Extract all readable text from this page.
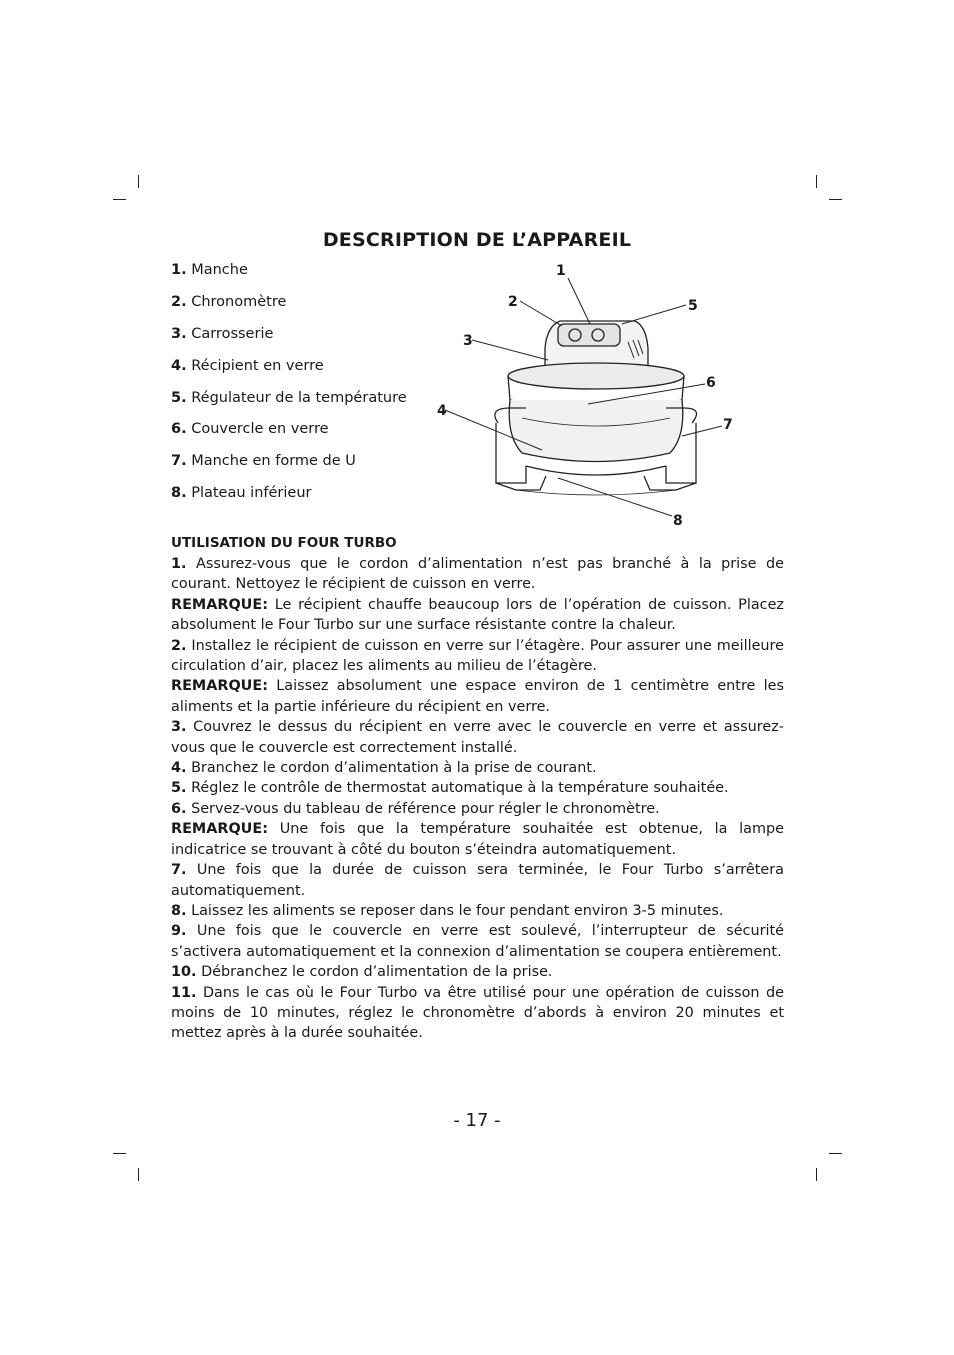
DESCRIPTION DE L’APPAREIL
1. Manche
2. Chronomètre
3. Carrosserie
4. Récipient en verre
5. Régulateur de la température
6. Couvercle en verre
7. Manche en forme de U
8. Plateau inférieur
1
2	5
3
6
4
7
8
UTILISATION DU FOUR TURBO

1. Assurez-vous que le cordon d’alimentation n’est pas branché à la prise de courant. Nettoyez le récipient de cuisson en verre.

REMARQUE: Le récipient chauffe beaucoup lors de l’opération de cuisson. Placez absolument le Four Turbo sur une surface résistante contre la chaleur.

2. Installez le récipient de cuisson en verre sur l’étagère. Pour assurer une meilleure circulation d’air, placez les aliments au milieu de l’étagère.

REMARQUE: Laissez absolument une espace environ de 1 centimètre entre les aliments et la partie inférieure du récipient en verre.

3. Couvrez le dessus du récipient en verre avec le couvercle en verre et assurez-vous que le couvercle est correctement installé.

4. Branchez le cordon d’alimentation à la prise de courant.

5. Réglez le contrôle de thermostat automatique à la température souhaitée.

6. Servez-vous du tableau de référence pour régler le chronomètre.

REMARQUE: Une fois que la température souhaitée est obtenue, la lampe indicatrice se trouvant à côté du bouton s’éteindra automatiquement.

7. Une fois que la durée de cuisson sera terminée, le Four Turbo s’arrêtera automatiquement.

8. Laissez les aliments se reposer dans le four pendant environ 3-5 minutes.

9. Une fois que le couvercle en verre est soulevé, l’interrupteur de sécurité s’activera automatiquement et la connexion d’alimentation se coupera entièrement.

10. Débranchez le cordon d’alimentation de la prise.

11. Dans le cas où le Four Turbo va être utilisé pour une opération de cuisson de moins de 10 minutes, réglez le chronomètre d’abords à environ 20 minutes et mettez après à la durée souhaitée.

- 17 -
